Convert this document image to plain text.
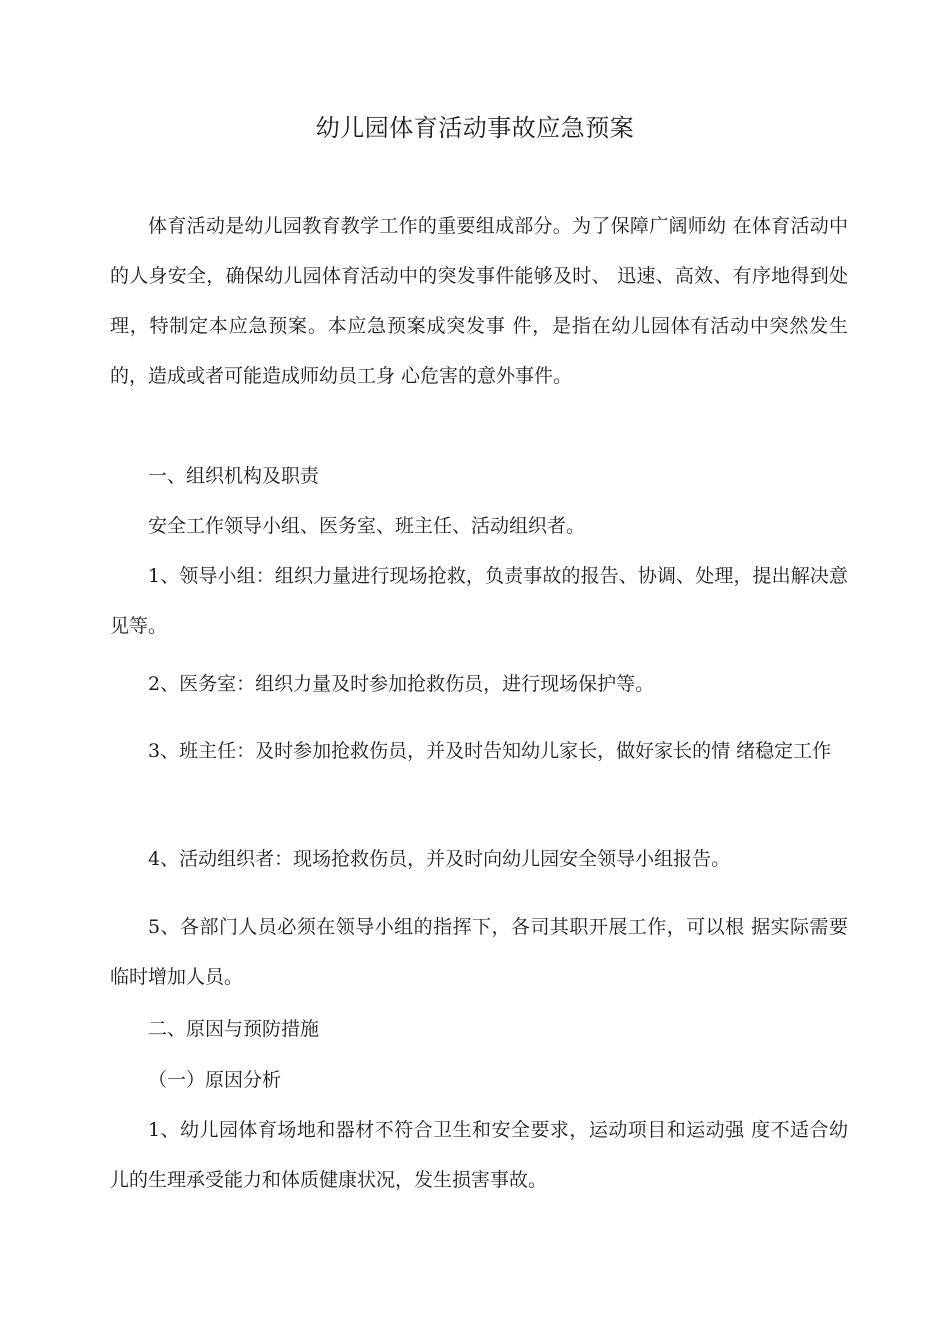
幼儿园体育活动事故应急预案

体育活动是幼儿园教育教学工作的重要组成部分。为了保障广阔师幼 在体育活动中的人身安全，确保幼儿园体育活动中的突发事件能够及时、 迅速、高效、有序地得到处理，特制定本应急预案。本应急预案成突发事 件，是指在幼儿园体有活动中突然发生的，造成或者可能造成师幼员工身 心危害的意外事件。

一、组织机构及职责

安全工作领导小组、医务室、班主任、活动组织者。

1、领导小组：组织力量进行现场抢救，负责事故的报告、协调、处理，提出解决意见等。

2、医务室：组织力量及时参加抢救伤员，进行现场保护等。

3、班主任：及时参加抢救伤员，并及时告知幼儿家长，做好家长的情 绪稳定工作

4、活动组织者：现场抢救伤员，并及时向幼儿园安全领导小组报告。

5、各部门人员必须在领导小组的指挥下，各司其职开展工作，可以根 据实际需要临时增加人员。

二、原因与预防措施

（一）原因分析

1、幼儿园体育场地和器材不符合卫生和安全要求，运动项目和运动强 度不适合幼儿的生理承受能力和体质健康状况，发生损害事故。
